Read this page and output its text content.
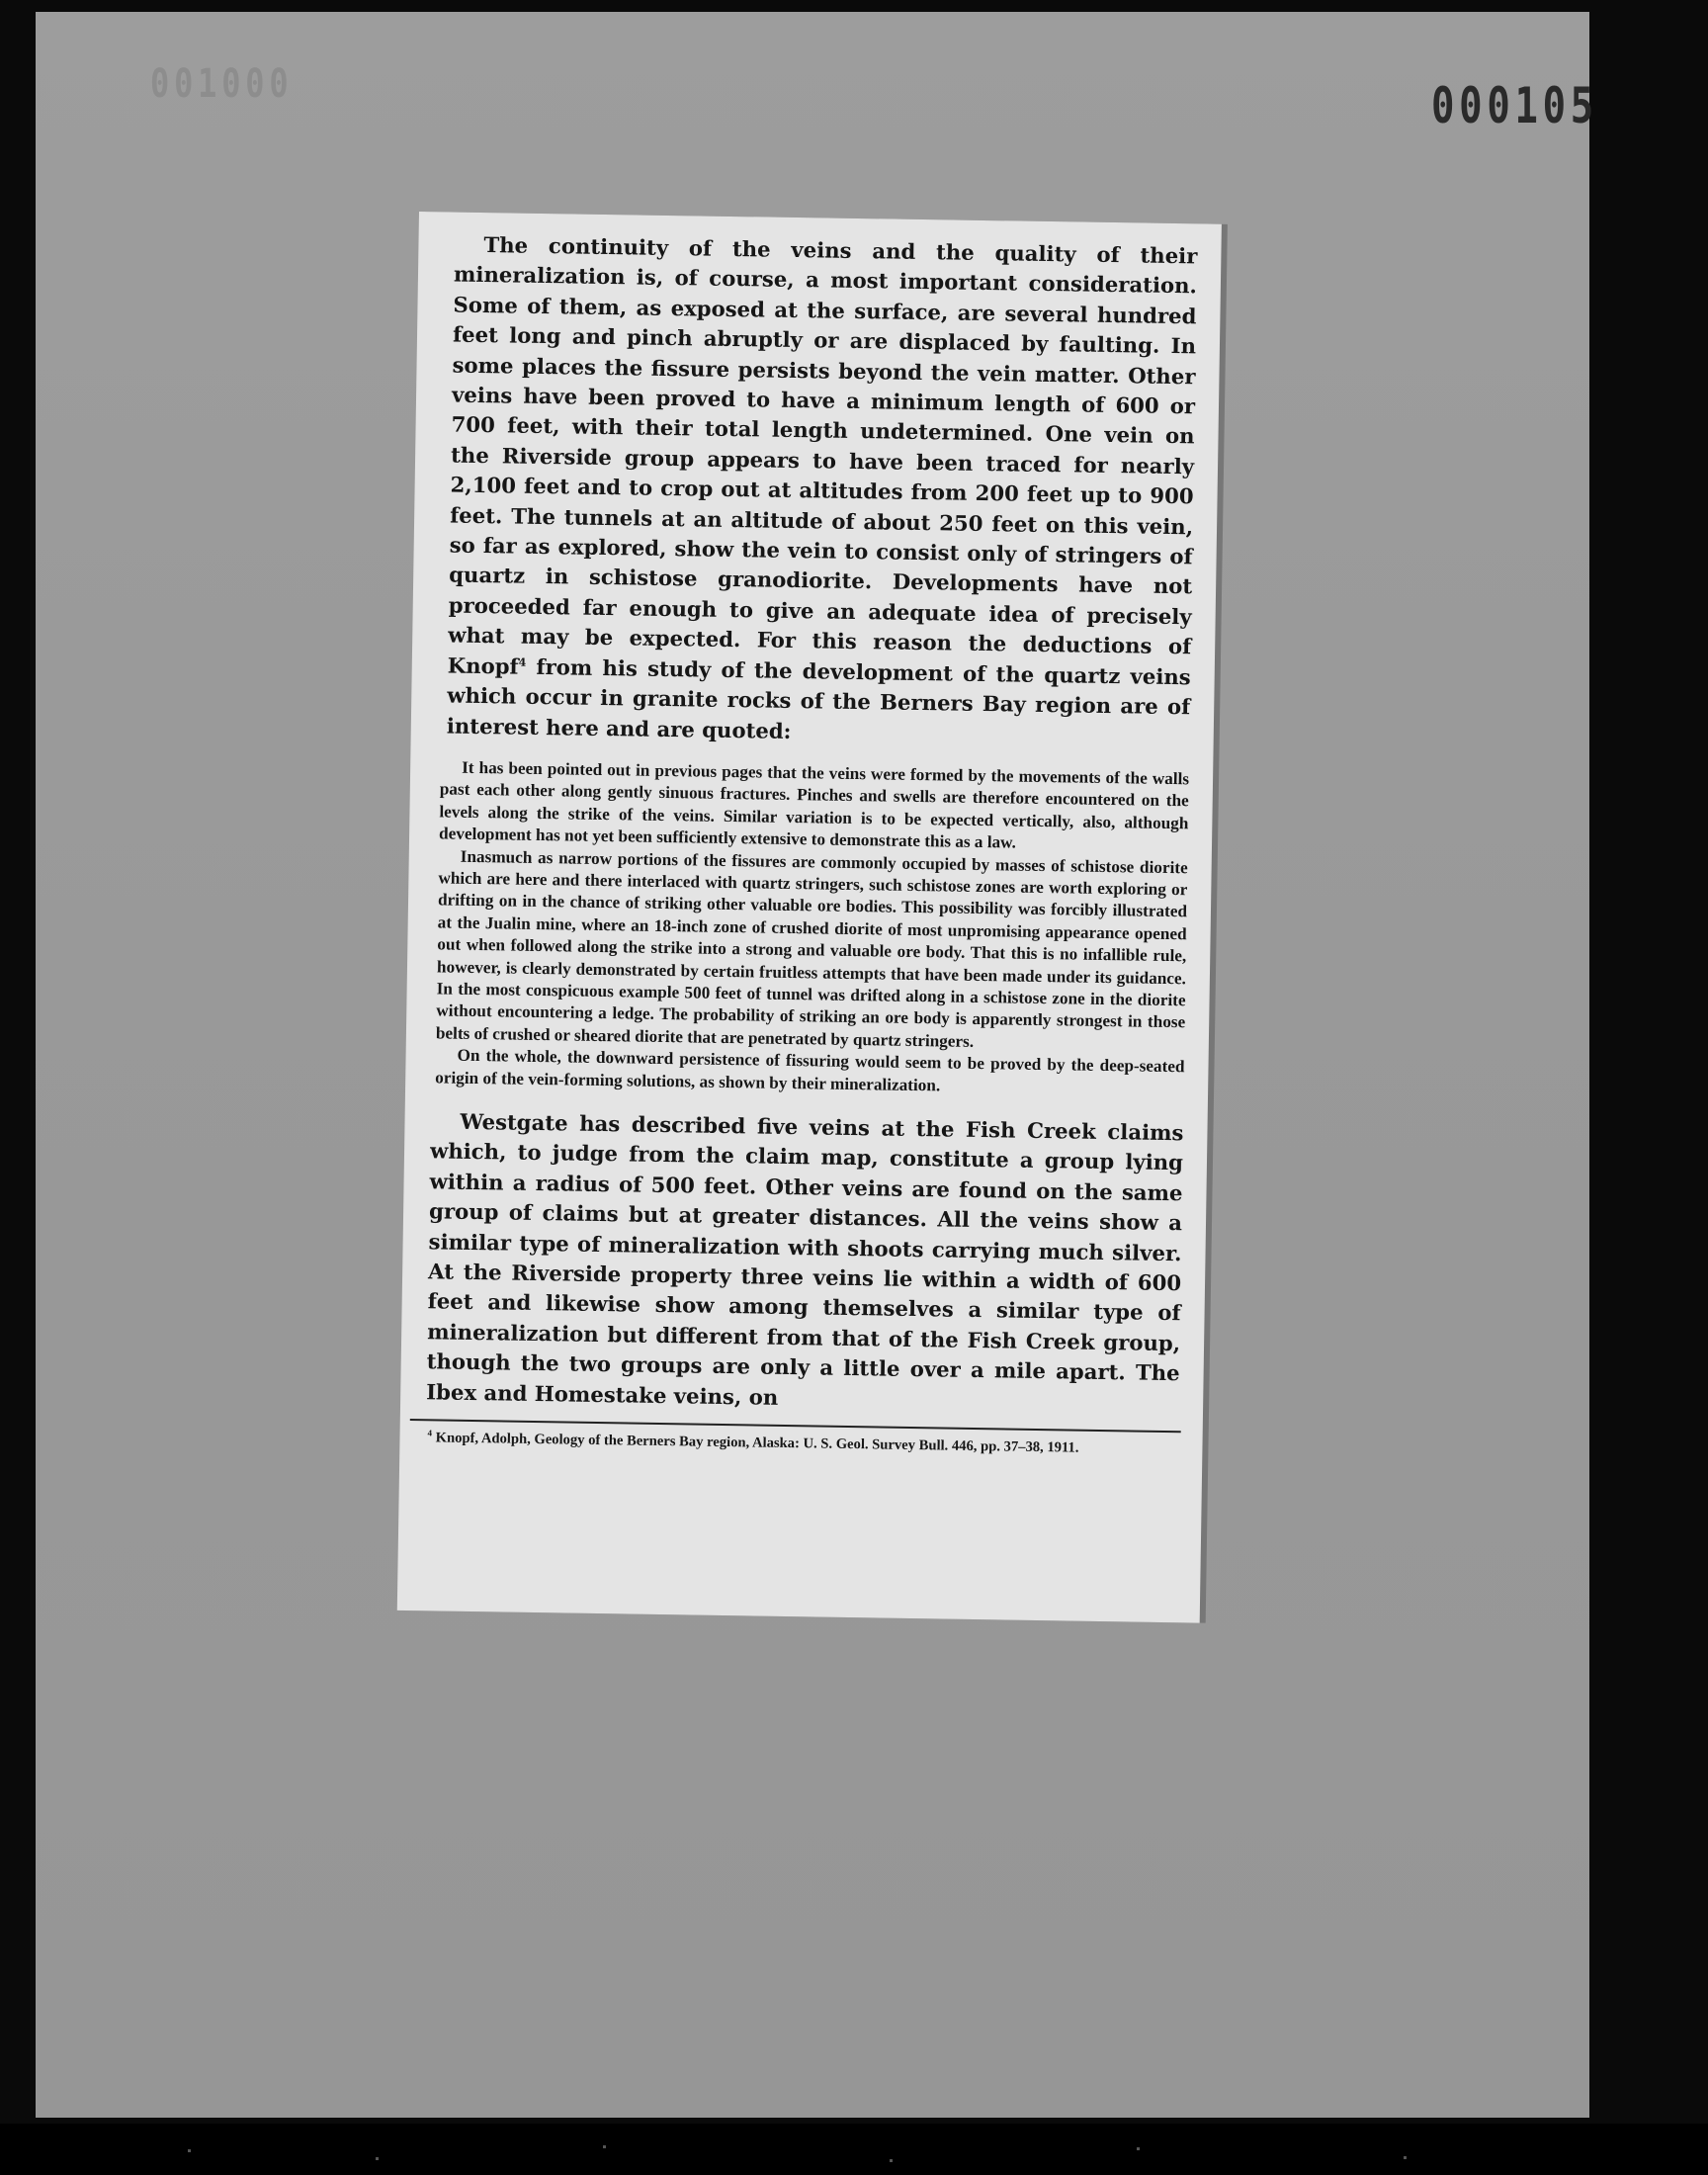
001000	000105

The continuity of the veins and the quality of their mineralization is, of course, a most important consideration. Some of them, as exposed at the surface, are several hundred feet long and pinch abruptly or are displaced by faulting. In some places the fissure persists beyond the vein matter. Other veins have been proved to have a minimum length of 600 or 700 feet, with their total length undetermined. One vein on the Riverside group appears to have been traced for nearly 2,100 feet and to crop out at altitudes from 200 feet up to 900 feet. The tunnels at an altitude of about 250 feet on this vein, so far as explored, show the vein to consist only of stringers of quartz in schistose granodiorite. Developments have not proceeded far enough to give an adequate idea of precisely what may be expected. For this reason the deductions of Knopf$^4$ from his study of the development of the quartz veins which occur in granite rocks of the Berners Bay region are of interest here and are quoted:

It has been pointed out in previous pages that the veins were formed by the movements of the walls past each other along gently sinuous fractures. Pinches and swells are therefore encountered on the levels along the strike of the veins. Similar variation is to be expected vertically, also, although development has not yet been sufficiently extensive to demonstrate this as a law.

Inasmuch as narrow portions of the fissures are commonly occupied by masses of schistose diorite which are here and there interlaced with quartz stringers, such schistose zones are worth exploring or drifting on in the chance of striking other valuable ore bodies. This possibility was forcibly illustrated at the Jualin mine, where an 18-inch zone of crushed diorite of most unpromising appearance opened out when followed along the strike into a strong and valuable ore body. That this is no infallible rule, however, is clearly demonstrated by certain fruitless attempts that have been made under its guidance. In the most conspicuous example 500 feet of tunnel was drifted along in a schistose zone in the diorite without encountering a ledge. The probability of striking an ore body is apparently strongest in those belts of crushed or sheared diorite that are penetrated by quartz stringers.

On the whole, the downward persistence of fissuring would seem to be proved by the deep-seated origin of the vein-forming solutions, as shown by their mineralization.

Westgate has described five veins at the Fish Creek claims which, to judge from the claim map, constitute a group lying within a radius of 500 feet. Other veins are found on the same group of claims but at greater distances. All the veins show a similar type of mineralization with shoots carrying much silver. At the Riverside property three veins lie within a width of 600 feet and likewise show among themselves a similar type of mineralization but different from that of the Fish Creek group, though the two groups are only a little over a mile apart. The Ibex and Homestake veins, on

$^4$ Knopf, Adolph, Geology of the Berners Bay region, Alaska: U. S. Geol. Survey Bull. 446, pp. 37–38, 1911.
